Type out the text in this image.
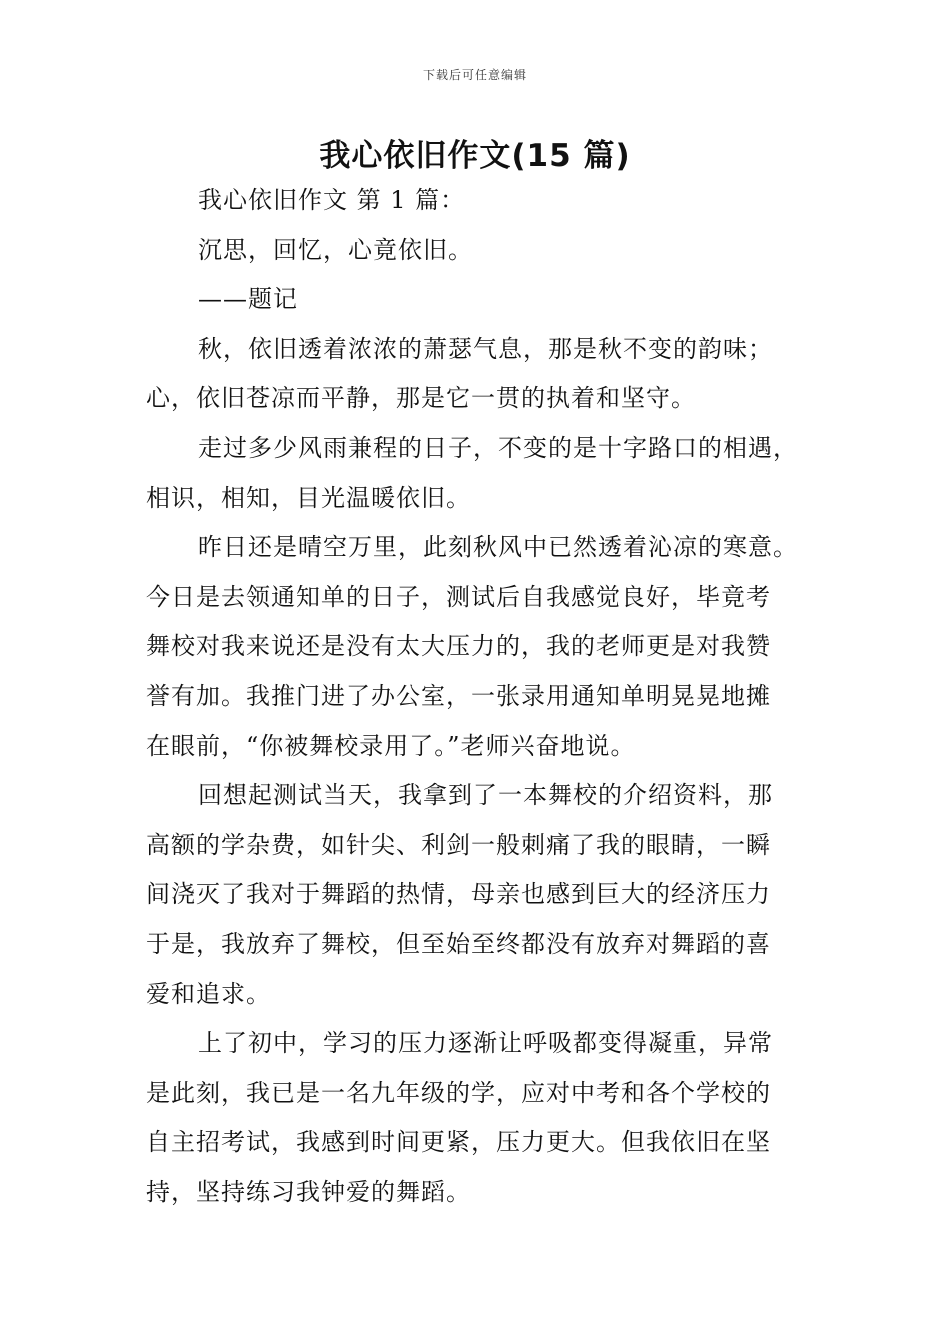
下载后可任意编辑
我心依旧作文(15 篇)
我心依旧作文 第 1 篇：
沉思，回忆，心竟依旧。
——题记
秋，依旧透着浓浓的萧瑟气息，那是秋不变的韵味；
心，依旧苍凉而平静，那是它一贯的执着和坚守。
走过多少风雨兼程的日子，不变的是十字路口的相遇，
相识，相知，目光温暖依旧。
昨日还是晴空万里，此刻秋风中已然透着沁凉的寒意。
今日是去领通知单的日子，测试后自我感觉良好，毕竟考
舞校对我来说还是没有太大压力的，我的老师更是对我赞
誉有加。我推门进了办公室，一张录用通知单明晃晃地摊
在眼前，“你被舞校录用了。”老师兴奋地说。
回想起测试当天，我拿到了一本舞校的介绍资料，那
高额的学杂费，如针尖、利剑一般刺痛了我的眼睛，一瞬
间浇灭了我对于舞蹈的热情，母亲也感到巨大的经济压力
于是，我放弃了舞校，但至始至终都没有放弃对舞蹈的喜
爱和追求。
上了初中，学习的压力逐渐让呼吸都变得凝重，异常
是此刻，我已是一名九年级的学，应对中考和各个学校的
自主招考试，我感到时间更紧，压力更大。但我依旧在坚
持，坚持练习我钟爱的舞蹈。
